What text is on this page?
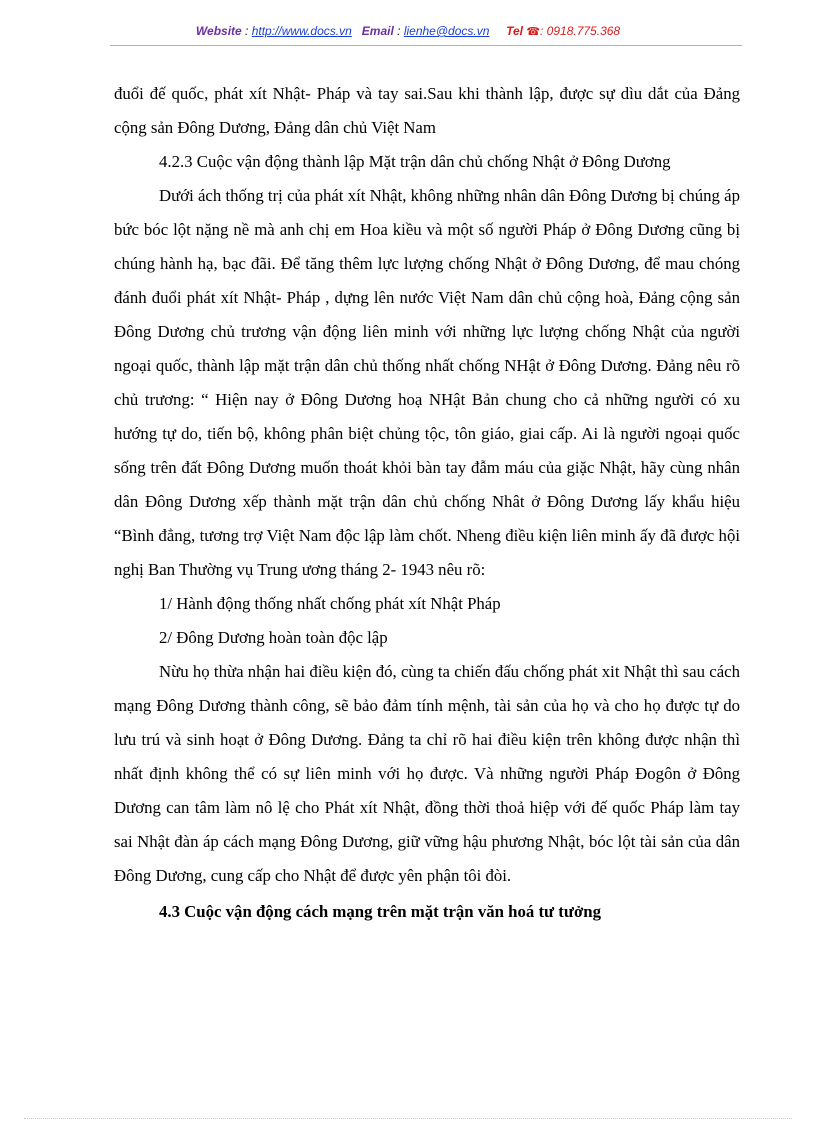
Website : http://www.docs.vn Email : lienhe@docs.vn Tel ☎: 0918.775.368

đuổi đế quốc, phát xít Nhật- Pháp và tay sai.Sau khi thành lập, được sự dìu dắt của Đảng cộng sản Đông Dương, Đảng dân chủ Việt Nam

4.2.3 Cuộc vận động thành lập Mặt trận dân chủ chống Nhật ở Đông Dương

Dưới ách thống trị của phát xít Nhật, không những nhân dân Đông Dương bị chúng áp bức bóc lột nặng nề mà anh chị em Hoa kiều và một số người Pháp ở Đông Dương cũng bị chúng hành hạ, bạc đãi. Để tăng thêm lực lượng chống Nhật ở Đông Dương, để mau chóng đánh đuổi phát xít Nhật- Pháp , dựng lên nước Việt Nam dân chủ cộng hoà, Đảng cộng sản Đông Dương chủ trương vận động liên minh với những lực lượng chống Nhật của người ngoại quốc, thành lập mặt trận dân chủ thống nhất chống NHật ở Đông Dương. Đảng nêu rõ chủ trương: “ Hiện nay ở Đông Dương hoạ NHật Bản chung cho cả những người có xu hướng tự do, tiến bộ, không phân biệt chủng tộc, tôn giáo, giai cấp. Ai là người ngoại quốc sống trên đất Đông Dương muốn thoát khỏi bàn tay đẫm máu của giặc Nhật, hãy cùng nhân dân Đông Dương xếp thành mặt trận dân chủ chống Nhât ở Đông Dương lấy khẩu hiệu “Bình đẳng, tương trợ Việt Nam độc lập làm chốt. Nheng điều kiện liên minh ấy đã được hội nghị Ban Thường vụ Trung ương tháng 2- 1943 nêu rõ:

1/ Hành động thống nhất chống phát xít Nhật Pháp

2/ Đông Dương hoàn toàn độc lập

Nừu họ thừa nhận hai điều kiện đó, cùng ta chiến đấu chống phát xit Nhật thì sau cách mạng Đông Dương thành công, sẽ bảo đảm tính mệnh, tài sản của họ và cho họ được tự do lưu trú và sinh hoạt ở Đông Dương. Đảng ta chỉ rõ hai điều kiện trên không được nhận thì nhất định không thể có sự liên minh với họ được. Và những người Pháp Đogôn ở Đông Dương can tâm làm nô lệ cho Phát xít Nhật, đồng thời thoả hiệp với đế quốc Pháp làm tay sai Nhật đàn áp cách mạng Đông Dương, giữ vững hậu phương Nhật, bóc lột tài sản của dân Đông Dương, cung cấp cho Nhật để được yên phận tôi đòi.

4.3 Cuộc vận động cách mạng trên mặt trận văn hoá tư tưởng
